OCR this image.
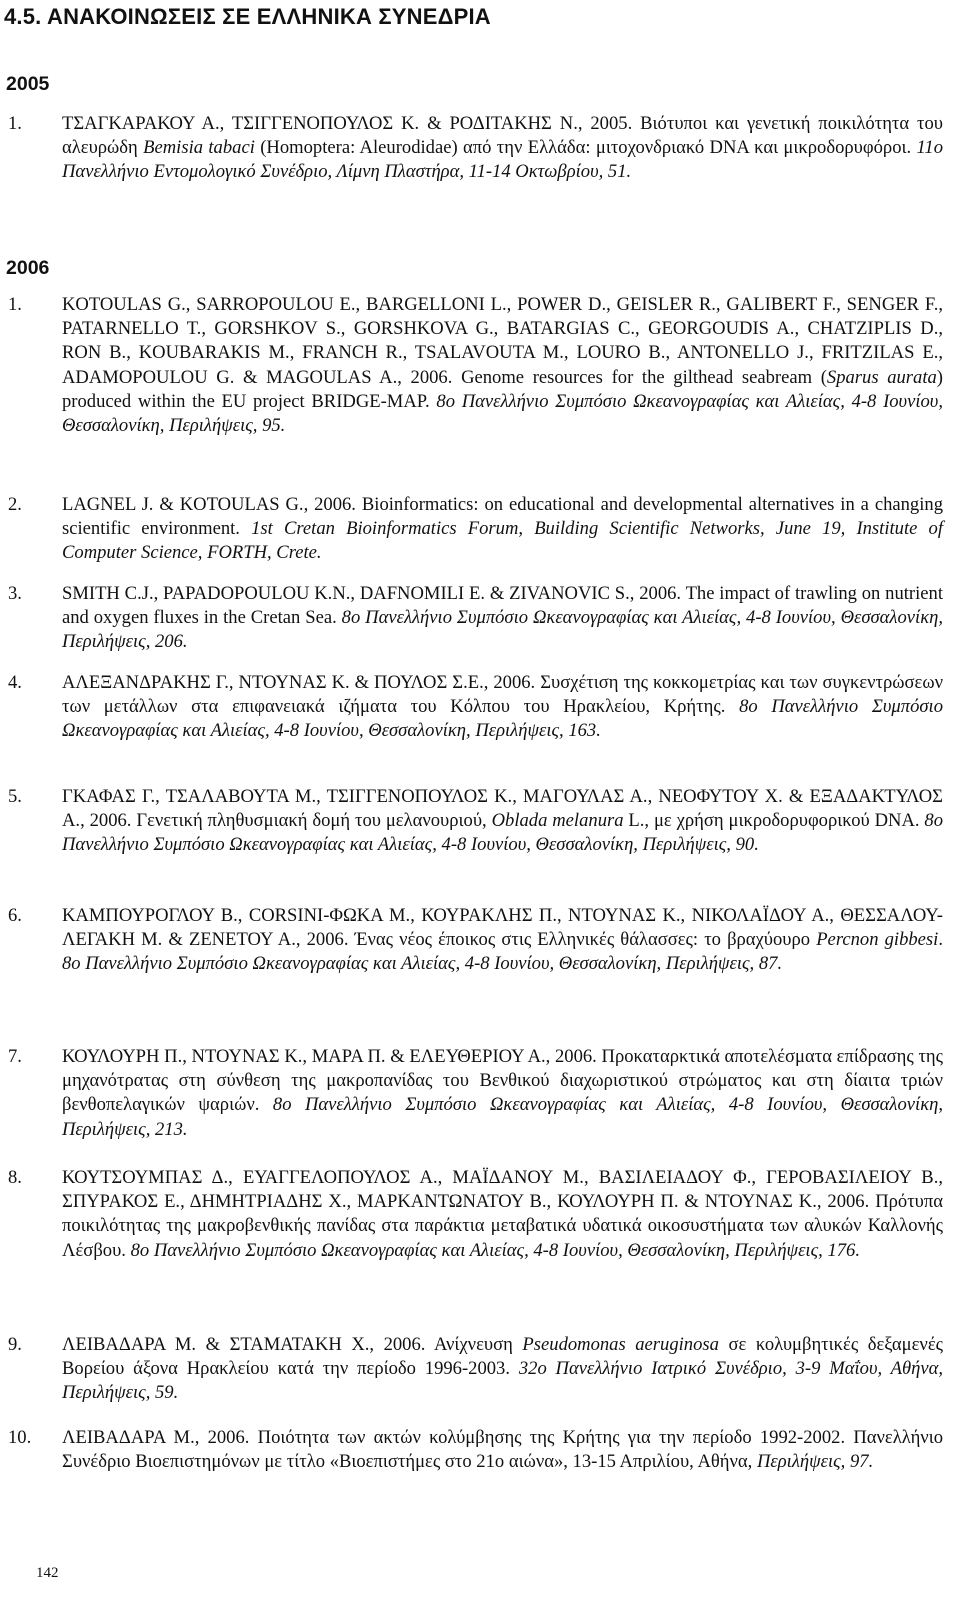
4.5. ΑΝΑΚΟΙΝΩΣΕΙΣ ΣΕ ΕΛΛΗΝΙΚΑ ΣΥΝΕΔΡΙΑ
2005
1. ΤΣΑΓΚΑΡΑΚΟΥ Α., ΤΣΙΓΓΕΝΟΠΟΥΛΟΣ Κ. & ΡΟΔΙΤΑΚΗΣ Ν., 2005. Βιότυποι και γενετική ποικιλότητα του αλευρώδη Bemisia tabaci (Homoptera: Aleurodidae) από την Ελλάδα: μιτοχονδριακό DNA και μικροδορυφόροι. 11ο Πανελλήνιο Εντομολογικό Συνέδριο, Λίμνη Πλαστήρα, 11-14 Οκτωβρίου, 51.
2006
1. KOTOULAS G., SARROPOULOU E., BARGELLONI L., POWER D., GEISLER R., GALIBERT F., SENGER F., PATARNELLO T., GORSHKOV S., GORSHKOVA G., BATARGIAS C., GEORGOUDIS A., CHATZIPLIS D., RON B., KOUBARAKIS M., FRANCH R., TSALAVOUTA M., LOURO B., ANTONELLO J., FRITZILAS E., ADAMOPOULOU G. & MAGOULAS A., 2006. Genome resources for the gilthead seabream (Sparus aurata) produced within the EU project BRIDGE-MAP. 8ο Πανελλήνιο Συμπόσιο Ωκεανογραφίας και Αλιείας, 4-8 Ιουνίου, Θεσσαλονίκη, Περιλήψεις, 95.
2. LAGNEL J. & KOTOULAS G., 2006. Bioinformatics: on educational and developmental alternatives in a changing scientific environment. 1st Cretan Bioinformatics Forum, Building Scientific Networks, June 19, Institute of Computer Science, FORTH, Crete.
3. SMITH C.J., PAPADOPOULOU K.N., DAFNOMILI E. & ZIVANOVIC S., 2006. The impact of trawling on nutrient and oxygen fluxes in the Cretan Sea. 8o Πανελλήνιο Συμπόσιο Ωκεανογραφίας και Αλιείας, 4-8 Ιουνίου, Θεσσαλονίκη, Περιλήψεις, 206.
4. ΑΛΕΞΑΝΔΡΑΚΗΣ Γ., ΝΤΟΥΝΑΣ Κ. & ΠΟΥΛΟΣ Σ.Ε., 2006. Συσχέτιση της κοκκομετρίας και των συγκεντρώσεων των μετάλλων στα επιφανειακά ιζήματα του Κόλπου του Ηρακλείου, Κρήτης. 8o Πανελλήνιο Συμπόσιο Ωκεανογραφίας και Αλιείας, 4-8 Ιουνίου, Θεσσαλονίκη, Περιλήψεις, 163.
5. ΓΚΑΦΑΣ Γ., ΤΣΑΛΑΒΟΥΤΑ Μ., ΤΣΙΓΓΕΝΟΠΟΥΛΟΣ Κ., ΜΑΓΟΥΛΑΣ Α., ΝΕΟΦΥΤΟΥ Χ. & ΕΞΑΔΑΚΤΥΛΟΣ Α., 2006. Γενετική πληθυσμιακή δομή του μελανουριού, Oblada melanura L., με χρήση μικροδορυφορικού DNA. 8o Πανελλήνιο Συμπόσιο Ωκεανογραφίας και Αλιείας, 4-8 Ιουνίου, Θεσσαλονίκη, Περιλήψεις, 90.
6. ΚΑΜΠΟΥΡΟΓΛΟΥ Β., CORSINI-ΦΩΚΑ Μ., ΚΟΥΡΑΚΛΗΣ Π., ΝΤΟΥΝΑΣ Κ., ΝΙΚΟΛΑΪΔΟΥ Α., ΘΕΣΣΑΛΟΥ-ΛΕΓΑΚΗ Μ. & ΖΕΝΕΤΟΥ Α., 2006. Ένας νέος έποικος στις Ελληνικές θάλασσες: το βραχύουρο Percnon gibbesi. 8o Πανελλήνιο Συμπόσιο Ωκεανογραφίας και Αλιείας, 4-8 Ιουνίου, Θεσσαλονίκη, Περιλήψεις, 87.
7. ΚΟΥΛΟΥΡΗ Π., ΝΤΟΥΝΑΣ Κ., ΜΑΡΑ Π. & ΕΛΕΥΘΕΡΙΟΥ Α., 2006. Προκαταρκτικά αποτελέσματα επίδρασης της μηχανότρατας στη σύνθεση της μακροπανίδας του Βενθικού διαχωριστικού στρώματος και στη δίαιτα τριών βενθοπελαγικών ψαριών. 8o Πανελλήνιο Συμπόσιο Ωκεανογραφίας και Αλιείας, 4-8 Ιουνίου, Θεσσαλονίκη, Περιλήψεις, 213.
8. ΚΟΥΤΣΟΥΜΠΑΣ Δ., ΕΥΑΓΓΕΛΟΠΟΥΛΟΣ Α., ΜΑΪΔΑΝΟΥ Μ., ΒΑΣΙΛΕΙΑΔΟΥ Φ., ΓΕΡΟΒΑΣΙΛΕΙΟΥ Β., ΣΠΥΡΑΚΟΣ Ε., ΔΗΜΗΤΡΙΑΔΗΣ Χ., ΜΑΡΚΑΝΤΩΝΑΤΟΥ Β., ΚΟΥΛΟΥΡΗ Π. & ΝΤΟΥΝΑΣ Κ., 2006. Πρότυπα ποικιλότητας της μακροβενθικής πανίδας στα παράκτια μεταβατικά υδατικά οικοσυστήματα των αλυκών Καλλονής Λέσβου. 8o Πανελλήνιο Συμπόσιο Ωκεανογραφίας και Αλιείας, 4-8 Ιουνίου, Θεσσαλονίκη, Περιλήψεις, 176.
9. ΛΕΙΒΑΔΑΡΑ Μ. & ΣΤΑΜΑΤΑΚΗ Χ., 2006. Ανίχνευση Pseudomonas aeruginosa σε κολυμβητικές δεξαμενές Βορείου άξονα Ηρακλείου κατά την περίοδο 1996-2003. 32o Πανελλήνιο Ιατρικό Συνέδριο, 3-9 Μαΐου, Αθήνα, Περιλήψεις, 59.
10. ΛΕΙΒΑΔΑΡΑ Μ., 2006. Ποιότητα των ακτών κολύμβησης της Κρήτης για την περίοδο 1992-2002. Πανελλήνιο Συνέδριο Βιοεπιστημόνων με τίτλο «Βιοεπιστήμες στο 21ο αιώνα», 13-15 Απριλίου, Αθήνα, Περιλήψεις, 97.
142
